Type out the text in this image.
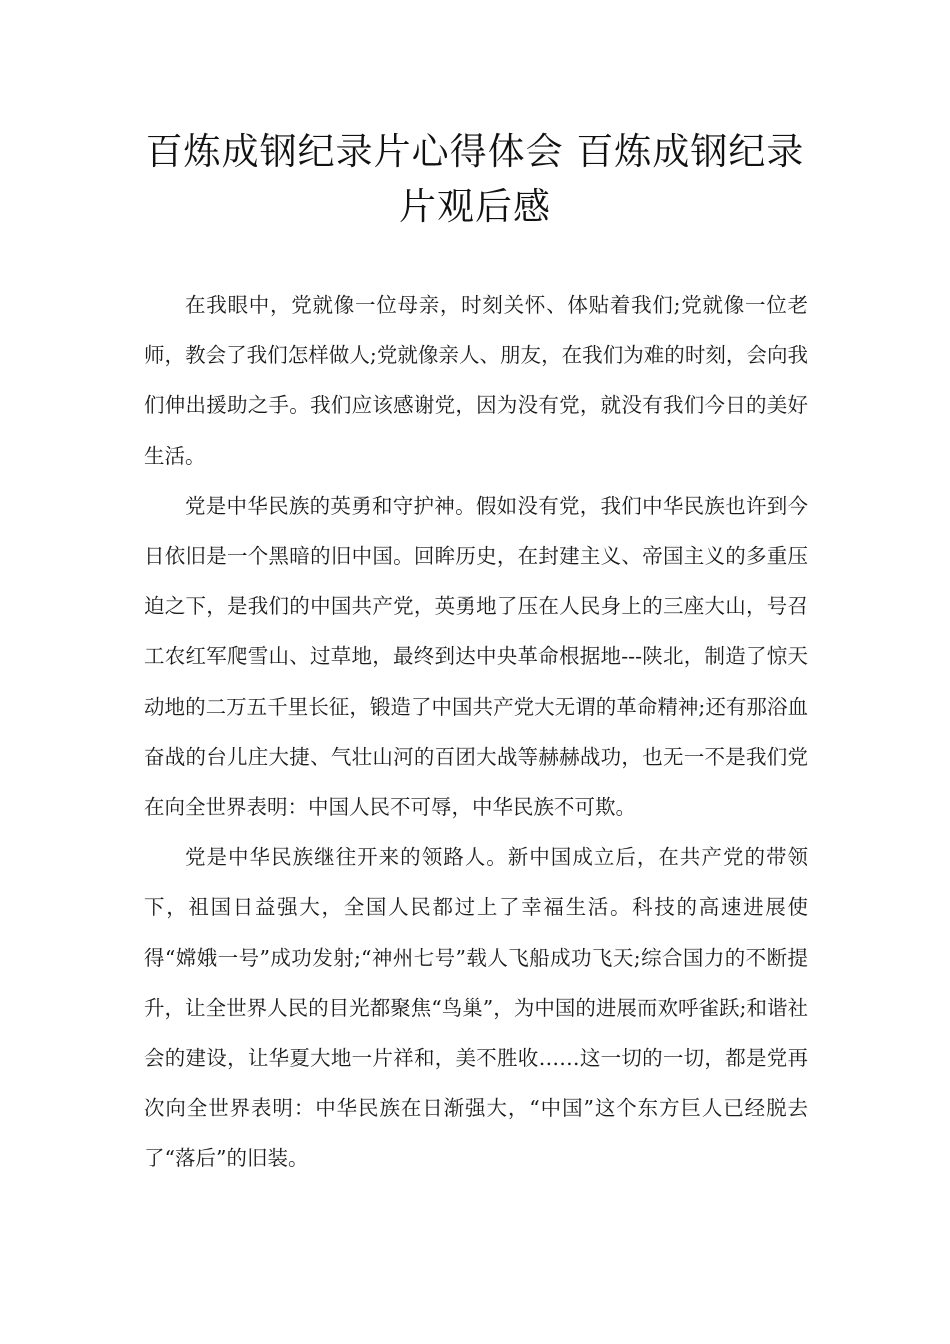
百炼成钢纪录片心得体会 百炼成钢纪录片观后感

在我眼中，党就像一位母亲，时刻关怀、体贴着我们;党就像一位老师，教会了我们怎样做人;党就像亲人、朋友，在我们为难的时刻，会向我们伸出援助之手。我们应该感谢党，因为没有党，就没有我们今日的美好生活。

党是中华民族的英勇和守护神。假如没有党，我们中华民族也许到今日依旧是一个黑暗的旧中国。回眸历史，在封建主义、帝国主义的多重压迫之下，是我们的中国共产党，英勇地了压在人民身上的三座大山，号召工农红军爬雪山、过草地，最终到达中央革命根据地---陕北，制造了惊天动地的二万五千里长征，锻造了中国共产党大无谓的革命精神;还有那浴血奋战的台儿庄大捷、气壮山河的百团大战等赫赫战功，也无一不是我们党在向全世界表明：中国人民不可辱，中华民族不可欺。

党是中华民族继往开来的领路人。新中国成立后，在共产党的带领下，祖国日益强大，全国人民都过上了幸福生活。科技的高速进展使得“嫦娥一号”成功发射;“神州七号”载人飞船成功飞天;综合国力的不断提升，让全世界人民的目光都聚焦“鸟巢”，为中国的进展而欢呼雀跃;和谐社会的建设，让华夏大地一片祥和，美不胜收……这一切的一切，都是党再次向全世界表明：中华民族在日渐强大，“中国”这个东方巨人已经脱去了“落后”的旧装。
